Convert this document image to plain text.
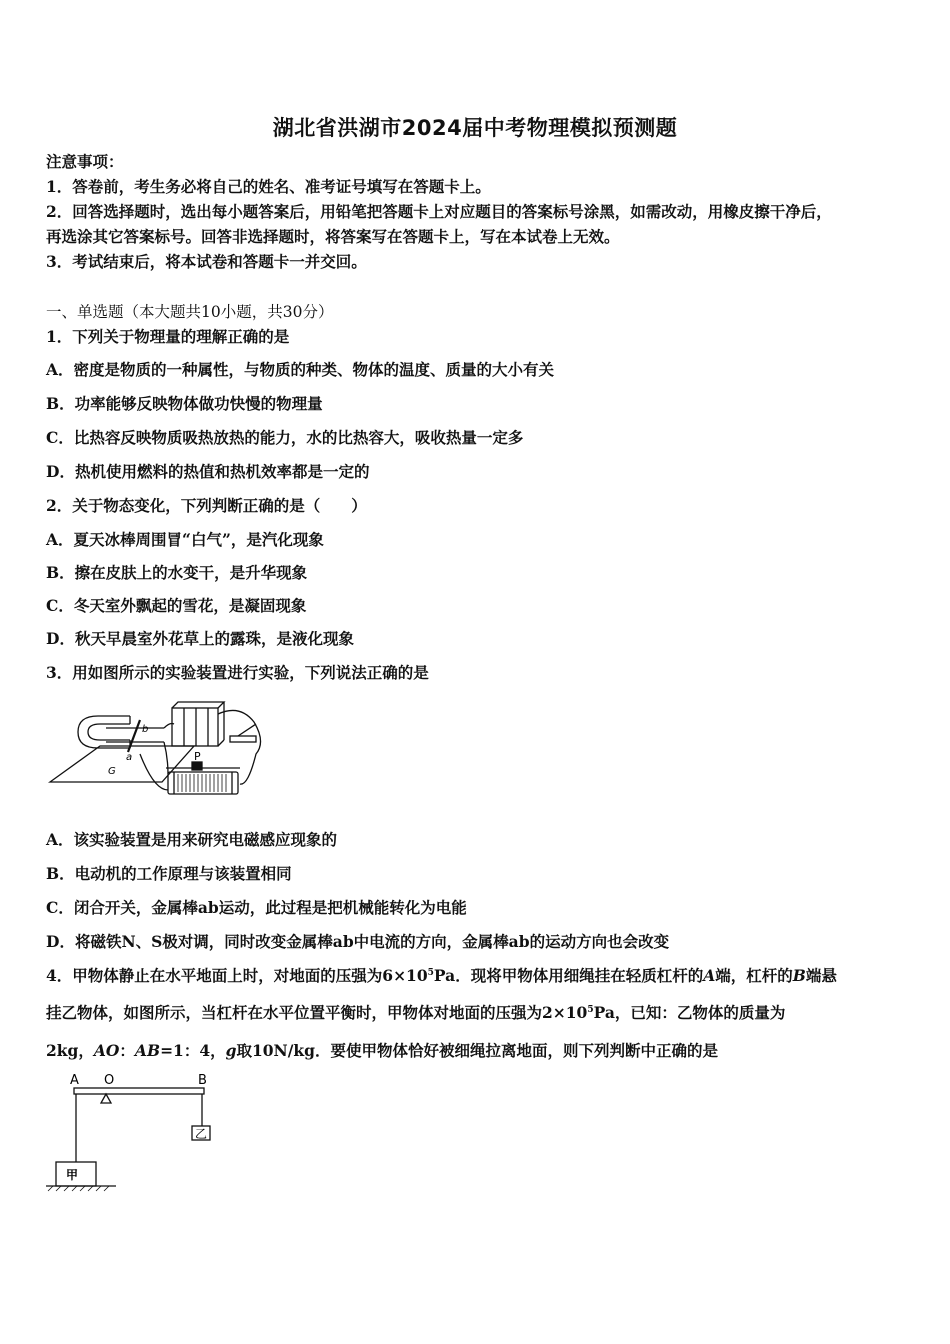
湖北省洪湖市2024届中考物理模拟预测题
注意事项：
1．答卷前，考生务必将自己的姓名、准考证号填写在答题卡上。
2．回答选择题时，选出每小题答案后，用铅笔把答题卡上对应题目的答案标号涂黑，如需改动，用橡皮擦干净后，
再选涂其它答案标号。回答非选择题时，将答案写在答题卡上，写在本试卷上无效。
3．考试结束后，将本试卷和答题卡一并交回。
一、单选题（本大题共10小题，共30分）
1．下列关于物理量的理解正确的是
A．密度是物质的一种属性，与物质的种类、物体的温度、质量的大小有关
B．功率能够反映物体做功快慢的物理量
C．比热容反映物质吸热放热的能力，水的比热容大，吸收热量一定多
D．热机使用燃料的热值和热机效率都是一定的
2．关于物态变化，下列判断正确的是（　　）
A．夏天冰棒周围冒“白气”，是汽化现象
B．擦在皮肤上的水变干，是升华现象
C．冬天室外飘起的雪花，是凝固现象
D．秋天早晨室外花草上的露珠，是液化现象
3．用如图所示的实验装置进行实验，下列说法正确的是
b
a
G
P
A．该实验装置是用来研究电磁感应现象的
B．电动机的工作原理与该装置相同
C．闭合开关，金属棒ab运动，此过程是把机械能转化为电能
D．将磁铁N、S极对调，同时改变金属棒ab中电流的方向，金属棒ab的运动方向也会改变
4．甲物体静止在水平地面上时，对地面的压强为$6\times 10^5Pa$．现将甲物体用细绳挂在轻质杠杆的A端，杠杆的B端悬
挂乙物体，如图所示，当杠杆在水平位置平衡时，甲物体对地面的压强为$2\times 10^5Pa$，已知：乙物体的质量为
2kg，AO：AB=1：4，g取10N/kg．要使甲物体恰好被细绳拉离地面，则下列判断中正确的是
A O	B
乙
甲
